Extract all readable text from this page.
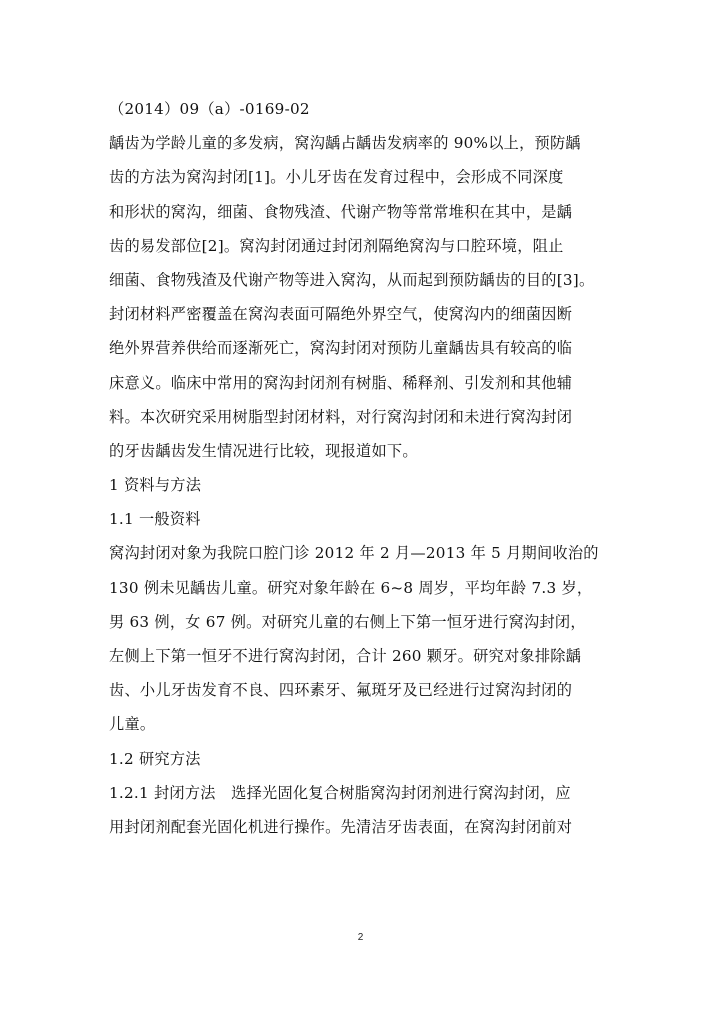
（2014）09（a）-0169-02
龋齿为学龄儿童的多发病，窝沟龋占龋齿发病率的 90%以上，预防龋
齿的方法为窝沟封闭[1]。小儿牙齿在发育过程中，会形成不同深度
和形状的窝沟，细菌、食物残渣、代谢产物等常常堆积在其中，是龋
齿的易发部位[2]。窝沟封闭通过封闭剂隔绝窝沟与口腔环境，阻止
细菌、食物残渣及代谢产物等进入窝沟，从而起到预防龋齿的目的[3]。
封闭材料严密覆盖在窝沟表面可隔绝外界空气，使窝沟内的细菌因断
绝外界营养供给而逐渐死亡，窝沟封闭对预防儿童龋齿具有较高的临
床意义。临床中常用的窝沟封闭剂有树脂、稀释剂、引发剂和其他辅
料。本次研究采用树脂型封闭材料，对行窝沟封闭和未进行窝沟封闭
的牙齿龋齿发生情况进行比较，现报道如下。
1 资料与方法
1.1 一般资料
窝沟封闭对象为我院口腔门诊 2012 年 2 月—2013 年 5 月期间收治的
130 例未见龋齿儿童。研究对象年龄在 6~8 周岁，平均年龄 7.3 岁，
男 63 例，女 67 例。对研究儿童的右侧上下第一恒牙进行窝沟封闭，
左侧上下第一恒牙不进行窝沟封闭，合计 260 颗牙。研究对象排除龋
齿、小儿牙齿发育不良、四环素牙、氟斑牙及已经进行过窝沟封闭的
儿童。
1.2 研究方法
1.2.1 封闭方法　选择光固化复合树脂窝沟封闭剂进行窝沟封闭，应
用封闭剂配套光固化机进行操作。先清洁牙齿表面，在窝沟封闭前对
2
